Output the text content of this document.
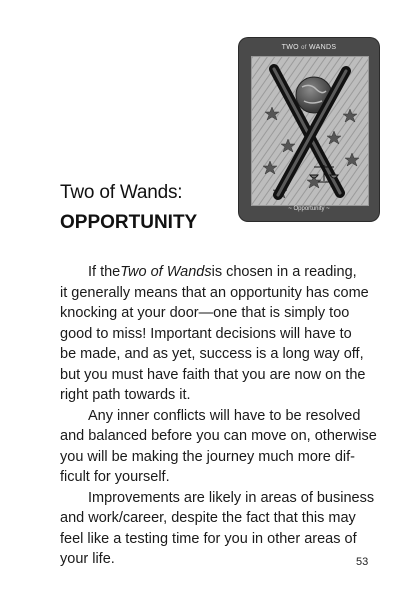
TWO of WANDS
~ Opportunity ~
Two of Wands:
OPPORTUNITY
If the Two of Wands is chosen in a reading,
it generally means that an opportunity has come
knocking at your door—one that is simply too
good to miss! Important decisions will have to
be made, and as yet, success is a long way off,
but you must have faith that you are now on the
right path towards it.
Any inner conflicts will have to be resolved
and balanced before you can move on, otherwise
you will be making the journey much more dif-
ficult for yourself.
Improvements are likely in areas of business
and work/career, despite the fact that this may
feel like a testing time for you in other areas of
your life.	53
